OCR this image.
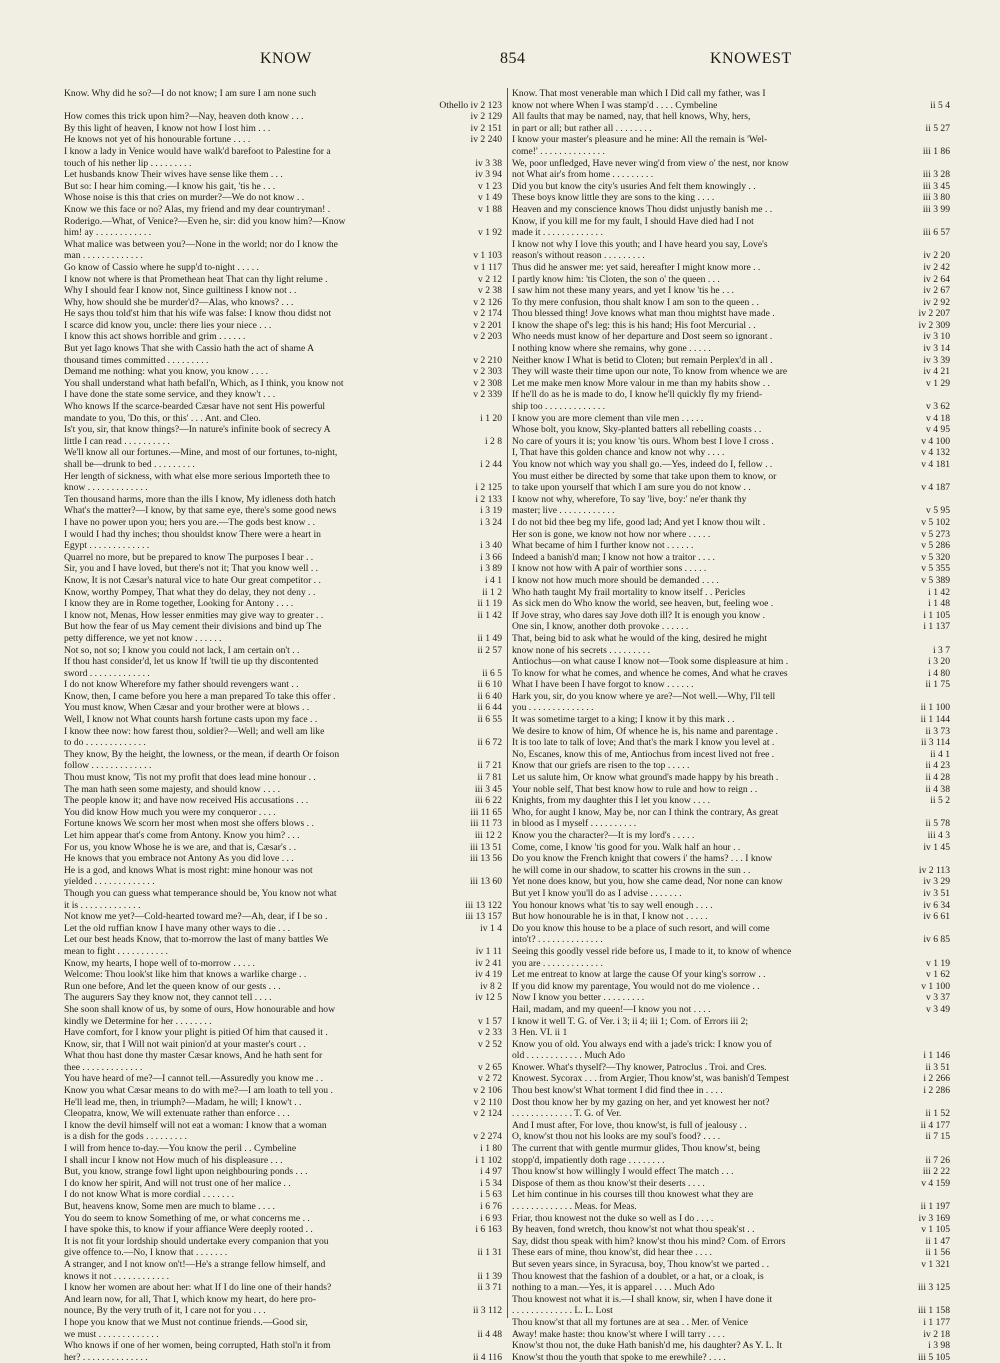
KNOW	854	KNOWEST
Know. Why did he so?—I do not know; I am sure I am none such
Othello iv 2 123
How comes this trick upon him?—Nay, heaven doth know . . .	iv 2 129
By this light of heaven, I know not how I lost him . . .	iv 2 151
He knows not yet of his honourable fortune . . . .	iv 2 240
I know a lady in Venice would have walk'd barefoot to Palestine for a
touch of his nether lip . . . . . . . . .	iv 3 38
Let husbands know Their wives have sense like them . . .	iv 3 94
But so: I hear him coming.—I know his gait, 'tis he . . .	v 1 23
Whose noise is this that cries on murder?—We do not know . .	v 1 49
Know we this face or no? Alas, my friend and my dear countryman! .	v 1 88
Roderigo.—What, of Venice?—Even he, sir: did you know him?—Know
him! ay . . . . . . . . . . . .	v 1 92
What malice was between you?—None in the world; nor do I know the
man . . . . . . . . . . . . .	v 1 103
Go know of Cassio where he supp'd to-night . . . . .	v 1 117
I know not where is that Promethean heat That can thy light relume .	v 2 12
Why I should fear I know not, Since guiltiness I know not . .	v 2 38
Why, how should she be murder'd?—Alas, who knows? . . .	v 2 126
He says thou told'st him that his wife was false: I know thou didst not	v 2 174
I scarce did know you, uncle: there lies your niece . . .	v 2 201
I know this act shows horrible and grim . . . . . .	v 2 203
But yet Iago knows That she with Cassio hath the act of shame A
thousand times committed . . . . . . . . .	v 2 210
Demand me nothing: what you know, you know . . . .	v 2 303
You shall understand what hath befall'n, Which, as I think, you know not	v 2 308
I have done the state some service, and they know't . . .	v 2 339
Who knows If the scarce-bearded Cæsar have not sent His powerful
mandate to you, 'Do this, or this' . . . Ant. and Cleo.	i 1 20
Is't you, sir, that know things?—In nature's infinite book of secrecy A
little I can read . . . . . . . . . .	i 2 8
We'll know all our fortunes.—Mine, and most of our fortunes, to-night,
shall be—drunk to bed . . . . . . . . .	i 2 44
Her length of sickness, with what else more serious Importeth thee to
know . . . . . . . . . . . . .	i 2 125
Ten thousand harms, more than the ills I know, My idleness doth hatch	i 2 133
What's the matter?—I know, by that same eye, there's some good news	i 3 19
I have no power upon you; hers you are.—The gods best know . .	i 3 24
I would I had thy inches; thou shouldst know There were a heart in
Egypt . . . . . . . . . . . . .	i 3 40
Quarrel no more, but be prepared to know The purposes I bear . .	i 3 66
Sir, you and I have loved, but there's not it; That you know well . .	i 3 89
Know, It is not Cæsar's natural vice to hate Our great competitor . .	i 4 1
Know, worthy Pompey, That what they do delay, they not deny . .	ii 1 2
I know they are in Rome together, Looking for Antony . . . .	ii 1 19
I know not, Menas, How lesser enmities may give way to greater . .	ii 1 42
But how the fear of us May cement their divisions and bind up The
petty difference, we yet not know . . . . . .	ii 1 49
Not so, not so; I know you could not lack, I am certain on't . .	ii 2 57
If thou hast consider'd, let us know If 'twill tie up thy discontented
sword . . . . . . . . . . . . .	ii 6 5
I do not know Wherefore my father should revengers want . .	ii 6 10
Know, then, I came before you here a man prepared To take this offer .	ii 6 40
You must know, When Cæsar and your brother were at blows . .	ii 6 44
Well, I know not What counts harsh fortune casts upon my face . .	ii 6 55
I know thee now: how farest thou, soldier?—Well; and well am like
to do . . . . . . . . . . . . .	ii 6 72
They know, By the height, the lowness, or the mean, if dearth Or foison
follow . . . . . . . . . . . . .	ii 7 21
Thou must know, 'Tis not my profit that does lead mine honour . .	ii 7 81
The man hath seen some majesty, and should know . . . .	iii 3 45
The people know it; and have now received His accusations . . .	iii 6 22
You did know How much you were my conqueror . . . .	iii 11 65
Fortune knows We scorn her most when most she offers blows . .	iii 11 73
Let him appear that's come from Antony. Know you him? . . .	iii 12 2
For us, you know Whose he is we are, and that is, Cæsar's . .	iii 13 51
He knows that you embrace not Antony As you did love . . .	iii 13 56
He is a god, and knows What is most right: mine honour was not
yielded . . . . . . . . . . . . .	iii 13 60
Though you can guess what temperance should be, You know not what
it is . . . . . . . . . . . . .	iii 13 122
Not know me yet?—Cold-hearted toward me?—Ah, dear, if I be so .	iii 13 157
Let the old ruffian know I have many other ways to die . . .	iv 1 4
Let our best heads Know, that to-morrow the last of many battles We
mean to fight . . . . . . . . . . .	iv 1 11
Know, my hearts, I hope well of to-morrow . . . . .	iv 2 41
Welcome: Thou look'st like him that knows a warlike charge . .	iv 4 19
Run one before, And let the queen know of our gests . . .	iv 8 2
The augurers Say they know not, they cannot tell . . . .	iv 12 5
She soon shall know of us, by some of ours, How honourable and how
kindly we Determine for her . . . . . . . .	v 1 57
Have comfort, for I know your plight is pitied Of him that caused it .	v 2 33
Know, sir, that I Will not wait pinion'd at your master's court . .	v 2 52
What thou hast done thy master Cæsar knows, And he hath sent for
thee . . . . . . . . . . . . .	v 2 65
You have heard of me?—I cannot tell.—Assuredly you know me . .	v 2 72
Know you what Cæsar means to do with me?—I am loath to tell you .	v 2 106
He'll lead me, then, in triumph?—Madam, he will; I know't . .	v 2 110
Cleopatra, know, We will extenuate rather than enforce . . .	v 2 124
I know the devil himself will not eat a woman: I know that a woman
is a dish for the gods . . . . . . . . .	v 2 274
I will from hence to-day.—You know the peril . . Cymbeline	i 1 80
I shall incur I know not How much of his displeasure . . .	i 1 102
But, you know, strange fowl light upon neighbouring ponds . . .	i 4 97
I do know her spirit, And will not trust one of her malice . .	i 5 34
I do not know What is more cordial . . . . . . .	i 5 63
But, heavens know, Some men are much to blame . . . .	i 6 76
You do seem to know Something of me, or what concerns me . .	i 6 93
I have spoke this, to know if your affiance Were deeply rooted . .	i 6 163
It is not fit your lordship should undertake every companion that you
give offence to.—No, I know that . . . . . . .	ii 1 31
A stranger, and I not know on't!—He's a strange fellow himself, and
knows it not . . . . . . . . . . . .	ii 1 39
I know her women are about her: what If I do line one of their hands?	ii 3 71
And learn now, for all, That I, which know my heart, do here pro-
nounce, By the very truth of it, I care not for you . . .	ii 3 112
I hope you know that we Must not continue friends.—Good sir,
we must . . . . . . . . . . . . .	ii 4 48
Who knows if one of her women, being corrupted, Hath stol'n it from
her? . . . . . . . . . . . . . .	ii 4 116
Know. That most venerable man which I Did call my father, was I
know not where When I was stamp'd . . . . Cymbeline	ii 5 4
All faults that may be named, nay, that hell knows, Why, hers,
in part or all; but rather all . . . . . . . .	ii 5 27
I know your master's pleasure and he mine: All the remain is 'Wel-
come!' . . . . . . . . . . . . . .	iii 1 86
We, poor unfledged, Have never wing'd from view o' the nest, nor know
not What air's from home . . . . . . . . .	iii 3 28
Did you but know the city's usuries And felt them knowingly . .	iii 3 45
These boys know little they are sons to the king . . . .	iii 3 80
Heaven and my conscience knows Thou didst unjustly banish me . .	iii 3 99
Know, if you kill me for my fault, I should Have died had I not
made it . . . . . . . . . . . . .	iii 6 57
I know not why I love this youth; and I have heard you say, Love's
reason's without reason . . . . . . . . .	iv 2 20
Thus did he answer me: yet said, hereafter I might know more . .	iv 2 42
I partly know him: 'tis Cloten, the son o' the queen . . .	iv 2 64
I saw him not these many years, and yet I know 'tis he . . .	iv 2 67
To thy mere confusion, thou shalt know I am son to the queen . .	iv 2 92
Thou blessed thing! Jove knows what man thou mightst have made .	iv 2 207
I know the shape of's leg: this is his hand; His foot Mercurial . .	iv 2 309
Who needs must know of her departure and Dost seem so ignorant .	iv 3 10
I nothing know where she remains, why gone . . . . .	iv 3 14
Neither know I What is betid to Cloten; but remain Perplex'd in all .	iv 3 39
They will waste their time upon our note, To know from whence we are	iv 4 21
Let me make men know More valour in me than my habits show . .	v 1 29
If he'll do as he is made to do, I know he'll quickly fly my friend-
ship too . . . . . . . . . . . . .	v 3 62
I know you are more clement than vile men . . . . .	v 4 18
Whose bolt, you know, Sky-planted batters all rebelling coasts . .	v 4 95
No care of yours it is; you know 'tis ours. Whom best I love I cross .	v 4 100
I, That have this golden chance and know not why . . . .	v 4 132
You know not which way you shall go.—Yes, indeed do I, fellow . .	v 4 181
You must either be directed by some that take upon them to know, or
to take upon yourself that which I am sure you do not know . .	v 4 187
I know not why, wherefore, To say 'live, boy:' ne'er thank thy
master; live . . . . . . . . . . . .	v 5 95
I do not bid thee beg my life, good lad; And yet I know thou wilt .	v 5 102
Her son is gone, we know not how nor where . . . . .	v 5 273
What became of him I further know not . . . . . .	v 5 286
Indeed a banish'd man; I know not how a traitor . . . .	v 5 320
I know not how with A pair of worthier sons . . . . .	v 5 355
I know not how much more should be demanded . . . .	v 5 389
Who hath taught My frail mortality to know itself . . Pericles	i 1 42
As sick men do Who know the world, see heaven, but, feeling woe .	i 1 48
If Jove stray, who dares say Jove doth ill? It is enough you know .	i 1 105
One sin, I know, another doth provoke . . . . . .	i 1 137
That, being bid to ask what he would of the king, desired he might
know none of his secrets . . . . . . . . .	i 3 7
Antiochus—on what cause I know not—Took some displeasure at him .	i 3 20
To know for what he comes, and whence he comes, And what he craves	i 4 80
What I have been I have forgot to know . . . . . .	ii 1 75
Hark you, sir, do you know where ye are?—Not well.—Why, I'll tell
you . . . . . . . . . . . . . .	ii 1 100
It was sometime target to a king; I know it by this mark . .	ii 1 144
We desire to know of him, Of whence he is, his name and parentage .	ii 3 73
It is too late to talk of love; And that's the mark I know you level at .	ii 3 114
No, Escanes, know this of me, Antiochus from incest lived not free .	ii 4 1
Know that our griefs are risen to the top . . . . .	ii 4 23
Let us salute him, Or know what ground's made happy by his breath .	ii 4 28
Your noble self, That best know how to rule and how to reign . .	ii 4 38
Knights, from my daughter this I let you know . . . .	ii 5 2
Who, for aught I know, May be, nor can I think the contrary, As great
in blood as I myself . . . . . . . . . .	ii 5 78
Know you the character?—It is my lord's . . . . .	iii 4 3
Come, come, I know 'tis good for you. Walk half an hour . .	iv 1 45
Do you know the French knight that cowers i' the hams? . . . I know
he will come in our shadow, to scatter his crowns in the sun . .	iv 2 113
Yet none does know, but you, how she came dead, Nor none can know	iv 3 29
But yet I know you'll do as I advise . . . . . . .	iv 3 51
You honour knows what 'tis to say well enough . . . .	iv 6 34
But how honourable he is in that, I know not . . . . .	iv 6 61
Do you know this house to be a place of such resort, and will come
into't? . . . . . . . . . . . . . .	iv 6 85
Seeing this goodly vessel ride before us, I made to it, to know of whence
you are . . . . . . . . . . . . .	v 1 19
Let me entreat to know at large the cause Of your king's sorrow . .	v 1 62
If you did know my parentage, You would not do me violence . .	v 1 100
Now I know you better . . . . . . . . .	v 3 37
Hail, madam, and my queen!—I know you not . . . .	v 3 49
I know it well T. G. of Ver. i 3; ii 4; iii 1; Com. of Errors iii 2;
3 Hen. VI. ii 1
Know you of old. You always end with a jade's trick: I know you of
old . . . . . . . . . . . . Much Ado	i 1 146
Knower. What's thyself?—Thy knower, Patroclus . Troi. and Cres.	ii 3 51
Knowest. Sycorax . . . from Argier, Thou know'st, was banish'd Tempest	i 2 266
Thou best know'st What torment I did find thee in . . . .	i 2 286
Dost thou know her by my gazing on her, and yet knowest her not?
. . . . . . . . . . . . . T. G. of Ver.	ii 1 52
And I must after, For love, thou know'st, is full of jealousy . .	ii 4 177
O, know'st thou not his looks are my soul's food? . . . .	ii 7 15
The current that with gentle murmur glides, Thou know'st, being
stopp'd, impatiently doth rage . . . . . . . .	ii 7 26
Thou know'st how willingly I would effect The match . . .	iii 2 22
Dispose of them as thou know'st their deserts . . . .	v 4 159
Let him continue in his courses till thou knowest what they are
. . . . . . . . . . . . . Meas. for Meas.	ii 1 197
Friar, thou knowest not the duke so well as I do . . . .	iv 3 169
By heaven, fond wretch, thou know'st not what thou speak'st . .	v 1 105
Say, didst thou speak with him? know'st thou his mind? Com. of Errors	ii 1 47
These ears of mine, thou know'st, did hear thee . . . .	ii 1 56
But seven years since, in Syracusa, boy, Thou know'st we parted . .	v 1 321
Thou knowest that the fashion of a doublet, or a hat, or a cloak, is
nothing to a man.—Yes, it is apparel . . . . Much Ado	iii 3 125
Thou knowest not what it is.—I shall know, sir, when I have done it
. . . . . . . . . . . . . L. L. Lost	iii 1 158
Thou know'st that all my fortunes are at sea . . Mer. of Venice	i 1 177
Away! make haste: thou know'st where I will tarry . . . .	iv 2 18
Know'st thou not, the duke Hath banish'd me, his daughter? As Y. L. It	i 3 98
Know'st thou the youth that spoke to me erewhile? . . . .	iii 5 105
